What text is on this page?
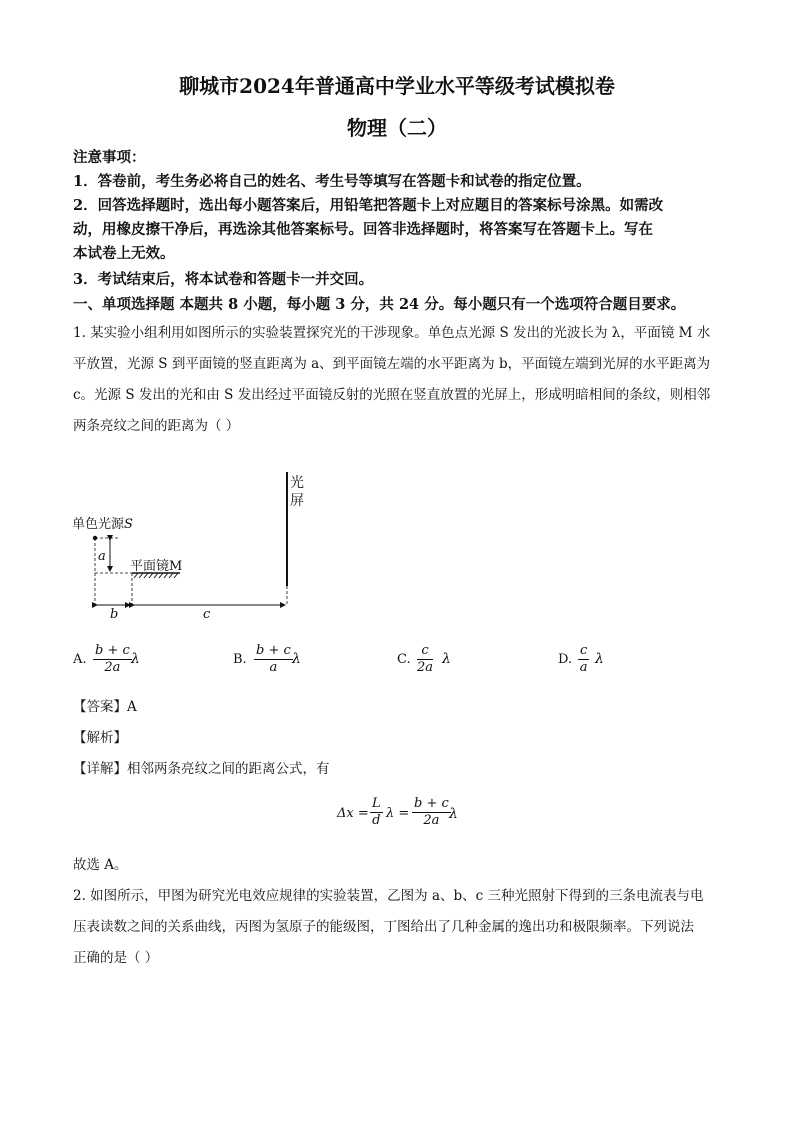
聊城市2024年普通高中学业水平等级考试模拟卷
物理（二）
注意事项：
1．答卷前，考生务必将自己的姓名、考生号等填写在答题卡和试卷的指定位置。
2．回答选择题时，选出每小题答案后，用铅笔把答题卡上对应题目的答案标号涂黑。如需改
动，用橡皮擦干净后，再选涂其他答案标号。回答非选择题时，将答案写在答题卡上。写在
本试卷上无效。
3．考试结束后，将本试卷和答题卡一并交回。
一、单项选择题 本题共 8 小题，每小题 3 分，共 24 分。每小题只有一个选项符合题目要求。
1. 某实验小组利用如图所示的实验装置探究光的干涉现象。单色点光源 S 发出的光波长为 λ，平面镜 M 水
平放置，光源 S 到平面镜的竖直距离为 a、到平面镜左端的水平距离为 b，平面镜左端到光屏的水平距离为
c。光源 S 发出的光和由 S 发出经过平面镜反射的光照在竖直放置的光屏上，形成明暗相间的条纹，则相邻
两条亮纹之间的距离为（ ）
光
屏
单色光源S
a
平面镜M
b	c
A. $\frac{b + c}{2a}$ λ	B. $\frac{b + c}{a}$ λ	C. $\frac{c}{2a}$ λ	D. $\frac{c}{a}$ λ
【答案】A
【解析】
【详解】相邻两条亮纹之间的距离公式，有
$\Delta x = \frac{L}{d}$ $\lambda = \frac{b + c}{2a}$
λ
故选 A。
2. 如图所示，甲图为研究光电效应规律的实验装置，乙图为 a、b、c 三种光照射下得到的三条电流表与电
压表读数之间的关系曲线，丙图为氢原子的能级图，丁图给出了几种金属的逸出功和极限频率。下列说法
正确的是（ ）
